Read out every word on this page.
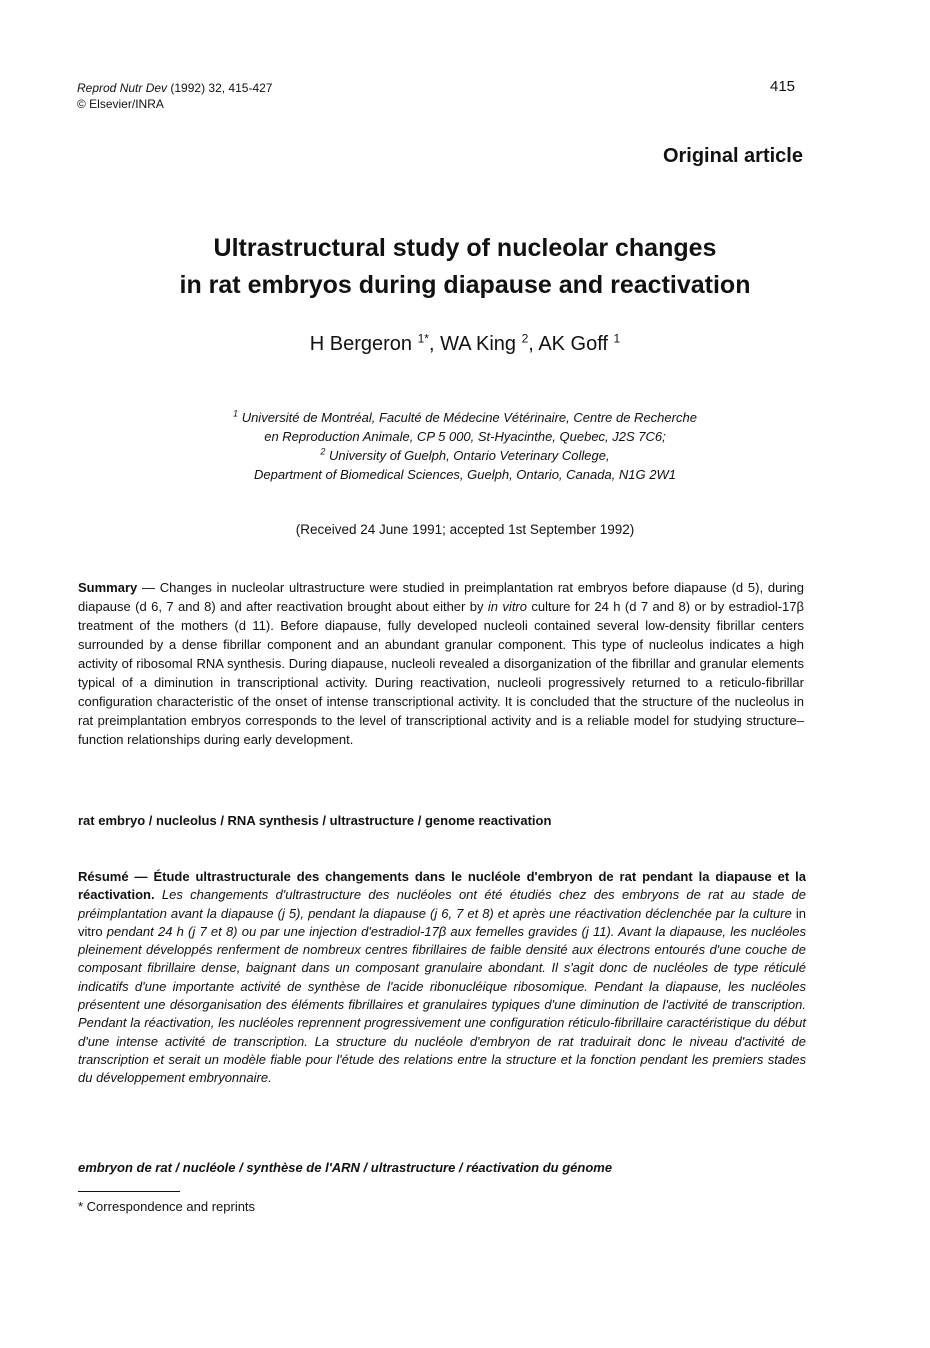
Reprod Nutr Dev (1992) 32, 415-427
© Elsevier/INRA
415
Original article
Ultrastructural study of nucleolar changes
in rat embryos during diapause and reactivation
H Bergeron $^{1*}$, WA King $^2$, AK Goff $^1$
$^1$ Université de Montréal, Faculté de Médecine Vétérinaire, Centre de Recherche
en Reproduction Animale, CP 5 000, St-Hyacinthe, Quebec, J2S 7C6;
$^2$ University of Guelph, Ontario Veterinary College,
Department of Biomedical Sciences, Guelph, Ontario, Canada, N1G 2W1
(Received 24 June 1991; accepted 1st September 1992)
Summary — Changes in nucleolar ultrastructure were studied in preimplantation rat embryos before diapause (d 5), during diapause (d 6, 7 and 8) and after reactivation brought about either by in vitro culture for 24 h (d 7 and 8) or by estradiol-17β treatment of the mothers (d 11). Before diapause, fully developed nucleoli contained several low-density fibrillar centers surrounded by a dense fibrillar component and an abundant granular component. This type of nucleolus indicates a high activity of ribosomal RNA synthesis. During diapause, nucleoli revealed a disorganization of the fibrillar and granular elements typical of a diminution in transcriptional activity. During reactivation, nucleoli progressively returned to a reticulo-fibrillar configuration characteristic of the onset of intense transcriptional activity. It is concluded that the structure of the nucleolus in rat preimplantation embryos corresponds to the level of transcriptional activity and is a reliable model for studying structure–function relationships during early development.
rat embryo / nucleolus / RNA synthesis / ultrastructure / genome reactivation
Résumé — Étude ultrastructurale des changements dans le nucléole d'embryon de rat pendant la diapause et la réactivation. Les changements d'ultrastructure des nucléoles ont été étudiés chez des embryons de rat au stade de préimplantation avant la diapause (j 5), pendant la diapause (j 6, 7 et 8) et après une réactivation déclenchée par la culture in vitro pendant 24 h (j 7 et 8) ou par une injection d'estradiol-17β aux femelles gravides (j 11). Avant la diapause, les nucléoles pleinement développés renferment de nombreux centres fibrillaires de faible densité aux électrons entourés d'une couche de composant fibrillaire dense, baignant dans un composant granulaire abondant. Il s'agit donc de nucléoles de type réticulé indicatifs d'une importante activité de synthèse de l'acide ribonucléique ribosomique. Pendant la diapause, les nucléoles présentent une désorganisation des éléments fibrillaires et granulaires typiques d'une diminution de l'activité de transcription. Pendant la réactivation, les nucléoles reprennent progressivement une configuration réticulo-fibrillaire caractéristique du début d'une intense activité de transcription. La structure du nucléole d'embryon de rat traduirait donc le niveau d'activité de transcription et serait un modèle fiable pour l'étude des relations entre la structure et la fonction pendant les premiers stades du développement embryonnaire.
embryon de rat / nucléole / synthèse de l'ARN / ultrastructure / réactivation du génome
* Correspondence and reprints
